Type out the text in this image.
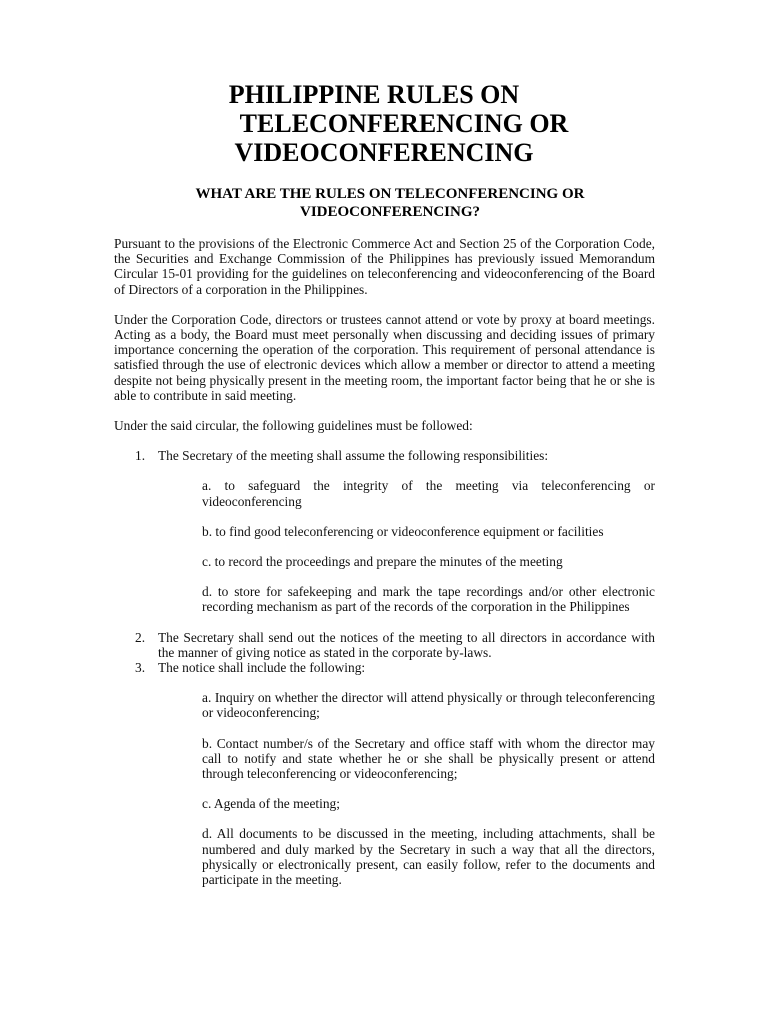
PHILIPPINE RULES ON
TELECONFERENCING OR
VIDEOCONFERENCING
WHAT ARE THE RULES ON TELECONFERENCING OR
VIDEOCONFERENCING?

Pursuant to the provisions of the Electronic Commerce Act and Section 25 of the Corporation Code, the Securities and Exchange Commission of the Philippines has previously issued Memorandum Circular 15-01 providing for the guidelines on teleconferencing and videoconferencing of the Board of Directors of a corporation in the Philippines.

Under the Corporation Code, directors or trustees cannot attend or vote by proxy at board meetings. Acting as a body, the Board must meet personally when discussing and deciding issues of primary importance concerning the operation of the corporation. This requirement of personal attendance is satisfied through the use of electronic devices which allow a member or director to attend a meeting despite not being physically present in the meeting room, the important factor being that he or she is able to contribute in said meeting.

Under the said circular, the following guidelines must be followed:

1. The Secretary of the meeting shall assume the following responsibilities:

a. to safeguard the integrity of the meeting via teleconferencing or videoconferencing

b. to find good teleconferencing or videoconference equipment or facilities

c. to record the proceedings and prepare the minutes of the meeting

d. to store for safekeeping and mark the tape recordings and/or other electronic recording mechanism as part of the records of the corporation in the Philippines

2. The Secretary shall send out the notices of the meeting to all directors in accordance with the manner of giving notice as stated in the corporate by-laws.

3. The notice shall include the following:

a. Inquiry on whether the director will attend physically or through teleconferencing or videoconferencing;

b. Contact number/s of the Secretary and office staff with whom the director may call to notify and state whether he or she shall be physically present or attend through teleconferencing or videoconferencing;

c. Agenda of the meeting;

d. All documents to be discussed in the meeting, including attachments, shall be numbered and duly marked by the Secretary in such a way that all the directors, physically or electronically present, can easily follow, refer to the documents and participate in the meeting.
